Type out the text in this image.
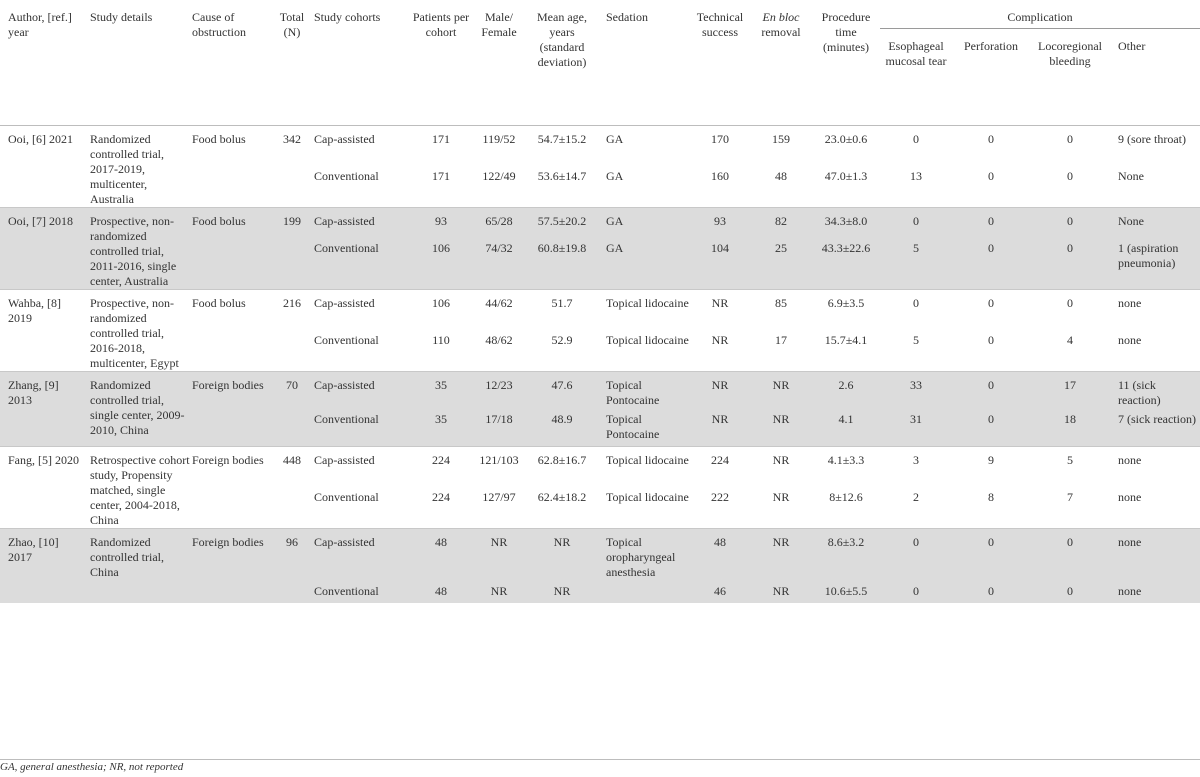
Author, [ref.] year	Study details	Cause of obstruction	Total (N)	Study cohorts	Patients per cohort	Male/ Female	Mean age, years (standard deviation)	Sedation	Technical success	En bloc
removal	Procedure time (minutes)	Complication			
												Esophageal mucosal tear	Perforation	Locoregional bleeding	Other
Ooi, [6] 2021	Randomized controlled trial, 2017-2019, multicenter, Australia	Food bolus	342	Cap-assisted	171	119/52	54.7±15.2	GA	170	159	23.0±0.6	0	0	0	9 (sore throat)
				Conventional	171	122/49	53.6±14.7	GA	160	48	47.0±1.3	13	0	0	None
Ooi, [7] 2018	Prospective, non-randomized controlled trial, 2011-2016, single center, Australia	Food bolus	199	Cap-assisted	93	65/28	57.5±20.2	GA	93	82	34.3±8.0	0	0	0	None
				Conventional	106	74/32	60.8±19.8	GA	104	25	43.3±22.6	5	0	0	1 (aspiration pneumonia)
Wahba, [8] 2019	Prospective, non-randomized controlled trial, 2016-2018, multicenter, Egypt	Food bolus	216	Cap-assisted	106	44/62	51.7	Topical lidocaine	NR	85	6.9±3.5	0	0	0	none
				Conventional	110	48/62	52.9	Topical lidocaine	NR	17	15.7±4.1	5	0	4	none
Zhang, [9] 2013	Randomized controlled trial, single center, 2009-2010, China	Foreign bodies	70	Cap-assisted	35	12/23	47.6	Topical Pontocaine	NR	NR	2.6	33	0	17	11 (sick reaction)
				Conventional	35	17/18	48.9	Topical Pontocaine	NR	NR	4.1	31	0	18	7 (sick reaction)
Fang, [5] 2020	Retrospective cohort study, Propensity matched, single center, 2004-2018, China	Foreign bodies	448	Cap-assisted	224	121/103	62.8±16.7	Topical lidocaine	224	NR	4.1±3.3	3	9	5	none
				Conventional	224	127/97	62.4±18.2	Topical lidocaine	222	NR	8±12.6	2	8	7	none
Zhao, [10] 2017	Randomized controlled trial, China	Foreign bodies	96	Cap-assisted	48	NR	NR	Topical oropharyngeal anesthesia	48	NR	8.6±3.2	0	0	0	none
				Conventional	48	NR	NR		46	NR	10.6±5.5	0	0	0	none
GA, general anesthesia; NR, not reported
